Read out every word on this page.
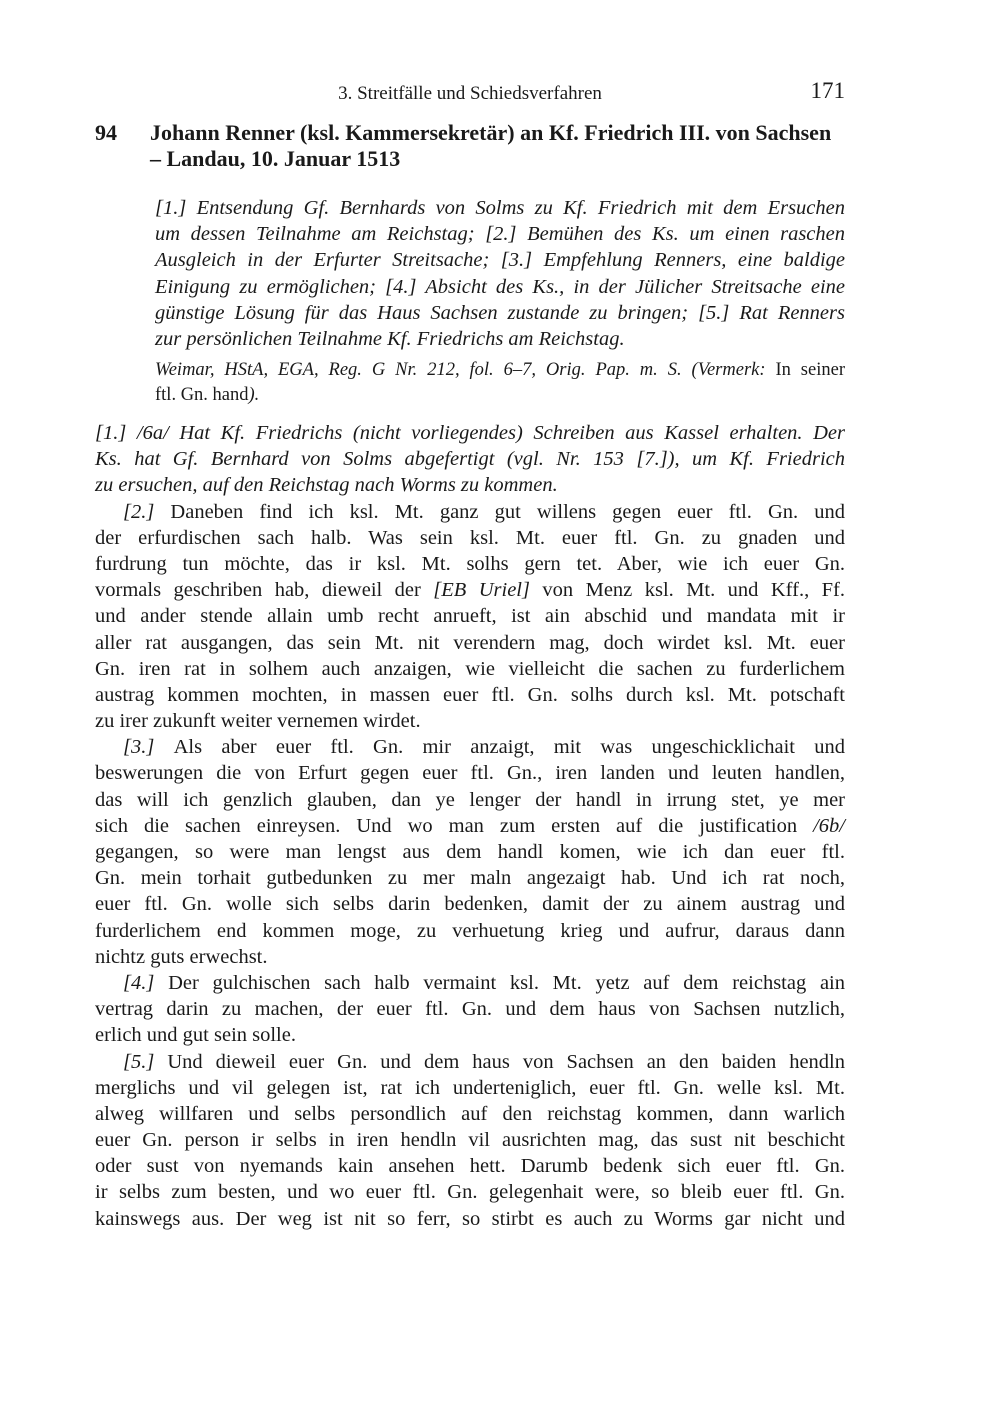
3. Streitfälle und Schiedsverfahren	171
94 Johann Renner (ksl. Kammersekretär) an Kf. Friedrich III. von Sachsen
– Landau, 10. Januar 1513
[1.] Entsendung Gf. Bernhards von Solms zu Kf. Friedrich mit dem Ersuchen
um dessen Teilnahme am Reichstag; [2.] Bemühen des Ks. um einen raschen
Ausgleich in der Erfurter Streitsache; [3.] Empfehlung Renners, eine baldige
Einigung zu ermöglichen; [4.] Absicht des Ks., in der Jülicher Streitsache eine
günstige Lösung für das Haus Sachsen zustande zu bringen; [5.] Rat Renners
zur persönlichen Teilnahme Kf. Friedrichs am Reichstag.
Weimar, HStA, EGA, Reg. G Nr. 212, fol. 6–7, Orig. Pap. m. S. (Vermerk: In seiner
ftl. Gn. hand).
[1.] /6a/ Hat Kf. Friedrichs (nicht vorliegendes) Schreiben aus Kassel erhalten. Der
Ks. hat Gf. Bernhard von Solms abgefertigt (vgl. Nr. 153 [7.]), um Kf. Friedrich
zu ersuchen, auf den Reichstag nach Worms zu kommen.
[2.] Daneben find ich ksl. Mt. ganz gut willens gegen euer ftl. Gn. und
der erfurdischen sach halb. Was sein ksl. Mt. euer ftl. Gn. zu gnaden und
furdrung tun möchte, das ir ksl. Mt. solhs gern tet. Aber, wie ich euer Gn.
vormals geschriben hab, dieweil der [EB Uriel] von Menz ksl. Mt. und Kff., Ff.
und ander stende allain umb recht anrueft, ist ain abschid und mandata mit ir
aller rat ausgangen, das sein Mt. nit verendern mag, doch wirdet ksl. Mt. euer
Gn. iren rat in solhem auch anzaigen, wie vielleicht die sachen zu furderlichem
austrag kommen mochten, in massen euer ftl. Gn. solhs durch ksl. Mt. potschaft
zu irer zukunft weiter vernemen wirdet.
[3.] Als aber euer ftl. Gn. mir anzaigt, mit was ungeschicklichait und
beswerungen die von Erfurt gegen euer ftl. Gn., iren landen und leuten handlen,
das will ich genzlich glauben, dan ye lenger der handl in irrung stet, ye mer
sich die sachen einreysen. Und wo man zum ersten auf die justification /6b/
gegangen, so were man lengst aus dem handl komen, wie ich dan euer ftl.
Gn. mein torhait gutbedunken zu mer maln angezaigt hab. Und ich rat noch,
euer ftl. Gn. wolle sich selbs darin bedenken, damit der zu ainem austrag und
furderlichem end kommen moge, zu verhuetung krieg und aufrur, daraus dann
nichtz guts erwechst.
[4.] Der gulchischen sach halb vermaint ksl. Mt. yetz auf dem reichstag ain
vertrag darin zu machen, der euer ftl. Gn. und dem haus von Sachsen nutzlich,
erlich und gut sein solle.
[5.] Und dieweil euer Gn. und dem haus von Sachsen an den baiden hendln
merglichs und vil gelegen ist, rat ich underteniglich, euer ftl. Gn. welle ksl. Mt.
alweg willfaren und selbs persondlich auf den reichstag kommen, dann warlich
euer Gn. person ir selbs in iren hendln vil ausrichten mag, das sust nit beschicht
oder sust von nyemands kain ansehen hett. Darumb bedenk sich euer ftl. Gn.
ir selbs zum besten, und wo euer ftl. Gn. gelegenhait were, so bleib euer ftl. Gn.
kainswegs aus. Der weg ist nit so ferr, so stirbt es auch zu Worms gar nicht und
